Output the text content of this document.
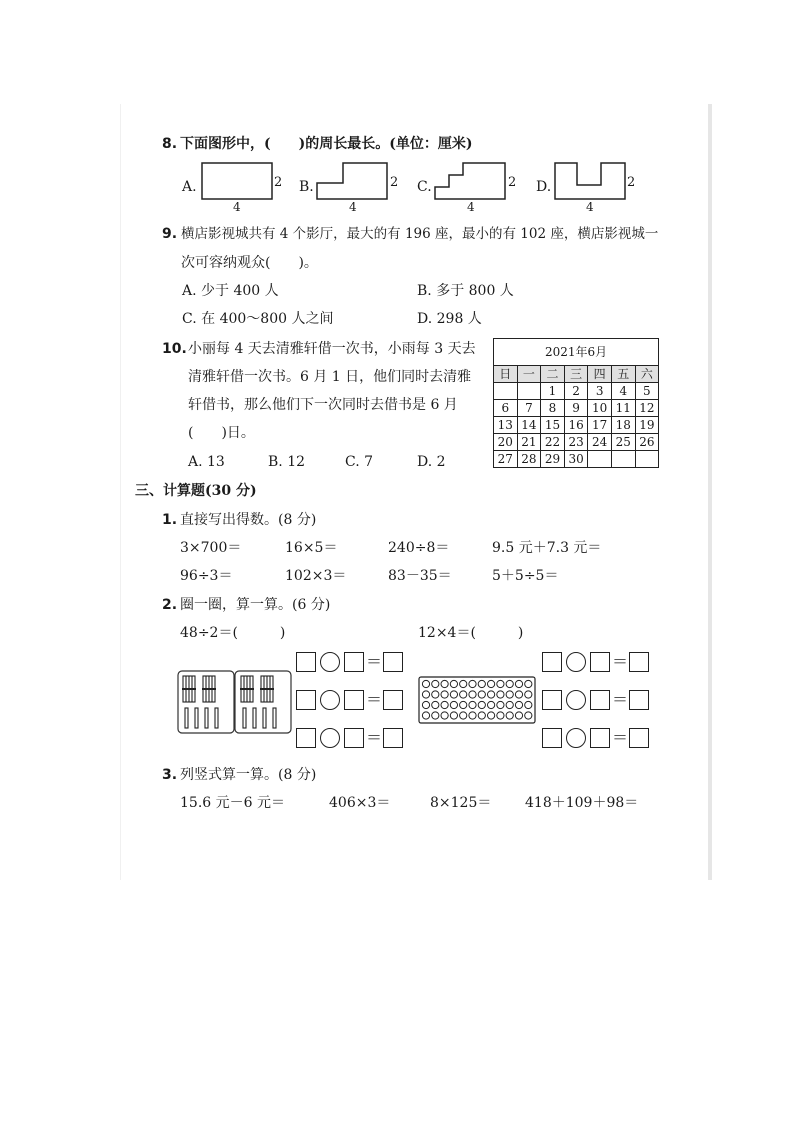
8. 下面图形中，(　　)的周长最长。(单位：厘米)
A.	2
4
B.	2
4
C.	2
4
D.	2
4
9. 横店影视城共有 4 个影厅，最大的有 196 座，最小的有 102 座，横店影视城一
次可容纳观众(　　)。
A. 少于 400 人	B. 多于 800 人
C. 在 400～800 人之间	D. 298 人
10. 小丽每 4 天去清雅轩借一次书，小雨每 3 天去
清雅轩借一次书。6 月 1 日，他们同时去清雅
轩借书，那么他们下一次同时去借书是 6 月
(　　)日。
A. 13	B. 12	C. 7	D. 2
2021年6月						
日	一	二	三	四	五	六
		1	2	3	4	5
6	7	8	9	10	11	12
13	14	15	16	17	18	19
20	21	22	23	24	25	26
27	28	29	30			
三、计算题(30 分)
1. 直接写出得数。(8 分)
3×700＝	16×5＝	240÷8＝	9.5 元＋7.3 元＝
96÷3＝	102×3＝	83－35＝	5＋5÷5＝
2. 圈一圈，算一算。(6 分)
48÷2＝(　　　)	12×4＝(　　　)
＝
＝
＝
＝
＝
＝
3. 列竖式算一算。(8 分)
15.6 元－6 元＝	406×3＝	8×125＝ 418＋109＋98＝
